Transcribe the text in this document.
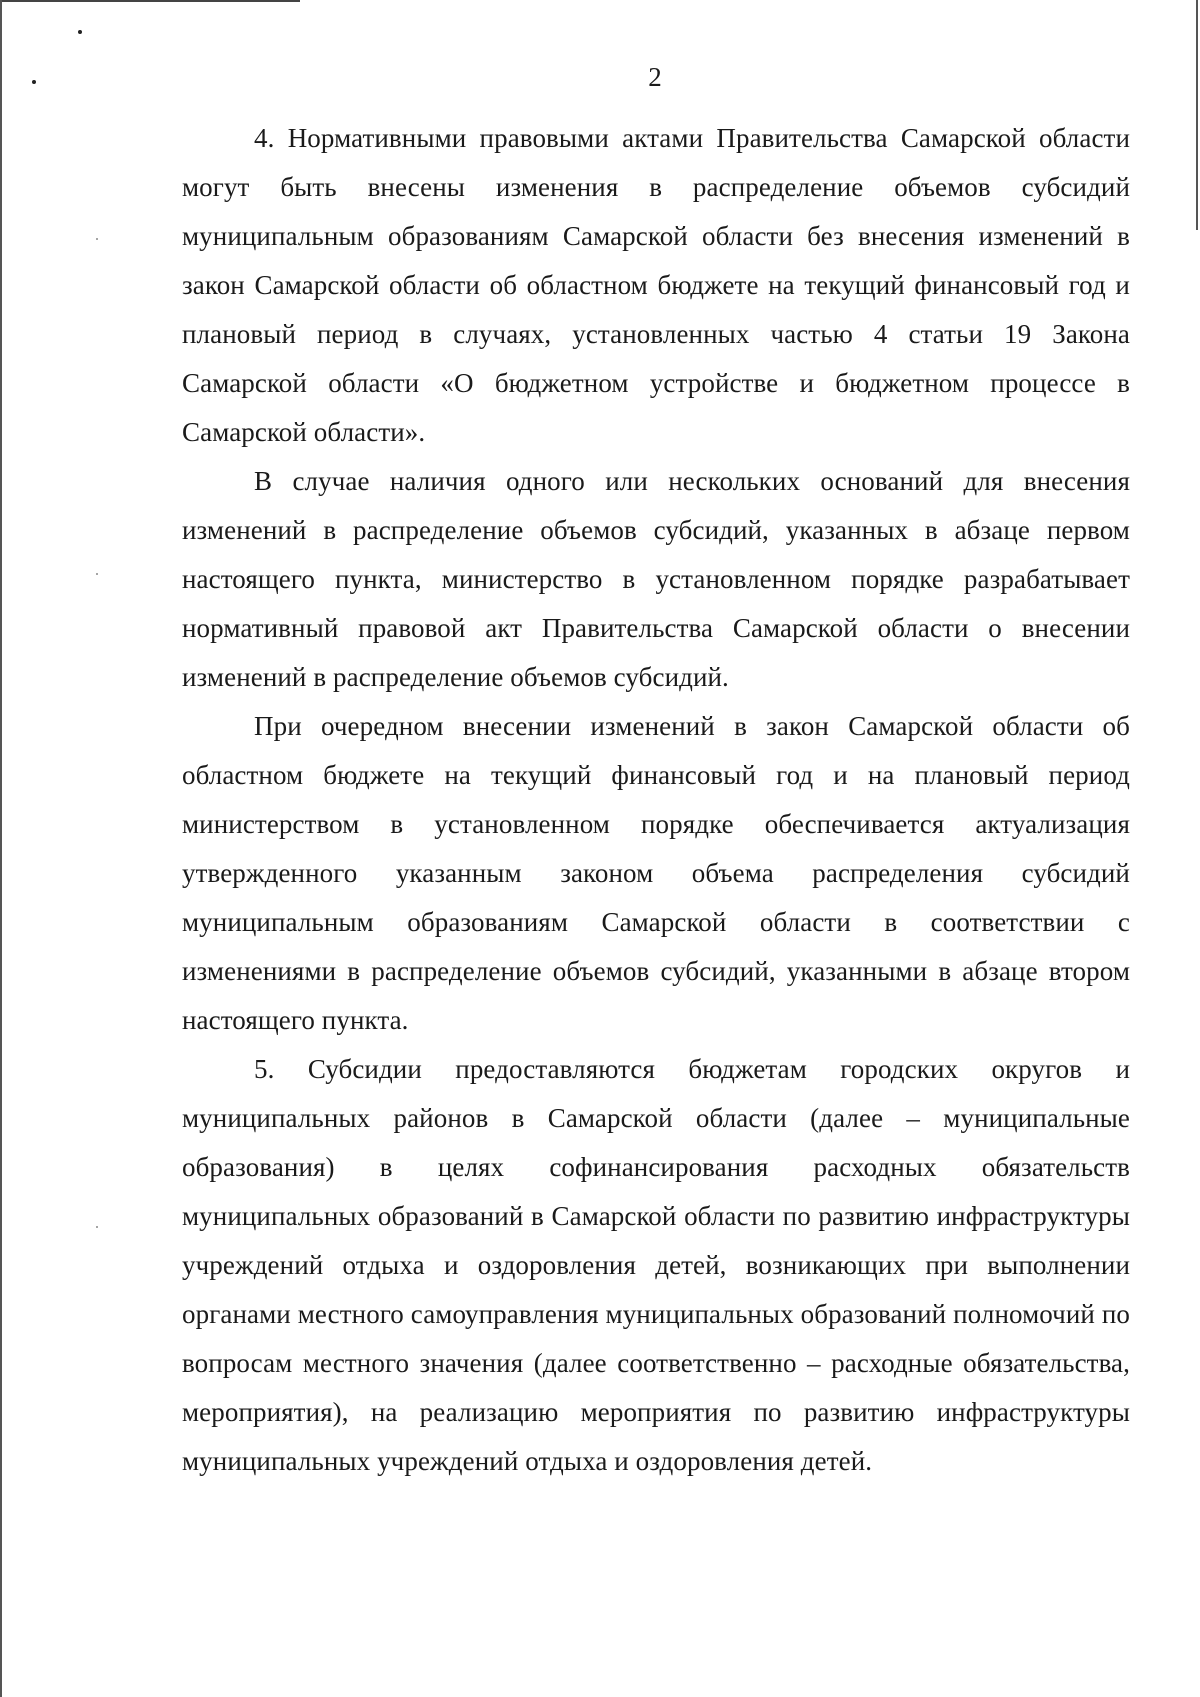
2

4. Нормативными правовыми актами Правительства Самарской области могут быть внесены изменения в распределение объемов субсидий муниципальным образованиям Самарской области без внесения изменений в закон Самарской области об областном бюджете на текущий финансовый год и плановый период в случаях, установленных частью 4 статьи 19 Закона Самарской области «О бюджетном устройстве и бюджетном процессе в Самарской области».

В случае наличия одного или нескольких оснований для внесения изменений в распределение объемов субсидий, указанных в абзаце первом настоящего пункта, министерство в установленном порядке разрабатывает нормативный правовой акт Правительства Самарской области о внесении изменений в распределение объемов субсидий.

При очередном внесении изменений в закон Самарской области об областном бюджете на текущий финансовый год и на плановый период министерством в установленном порядке обеспечивается актуализация утвержденного указанным законом объема распределения субсидий муниципальным образованиям Самарской области в соответствии с изменениями в распределение объемов субсидий, указанными в абзаце втором настоящего пункта.

5. Субсидии предоставляются бюджетам городских округов и муниципальных районов в Самарской области (далее – муниципальные образования) в целях софинансирования расходных обязательств муниципальных образований в Самарской области по развитию инфраструктуры учреждений отдыха и оздоровления детей, возникающих при выполнении органами местного самоуправления муниципальных образований полномочий по вопросам местного значения (далее соответственно – расходные обязательства, мероприятия), на реализацию мероприятия по развитию инфраструктуры муниципальных учреждений отдыха и оздоровления детей.
